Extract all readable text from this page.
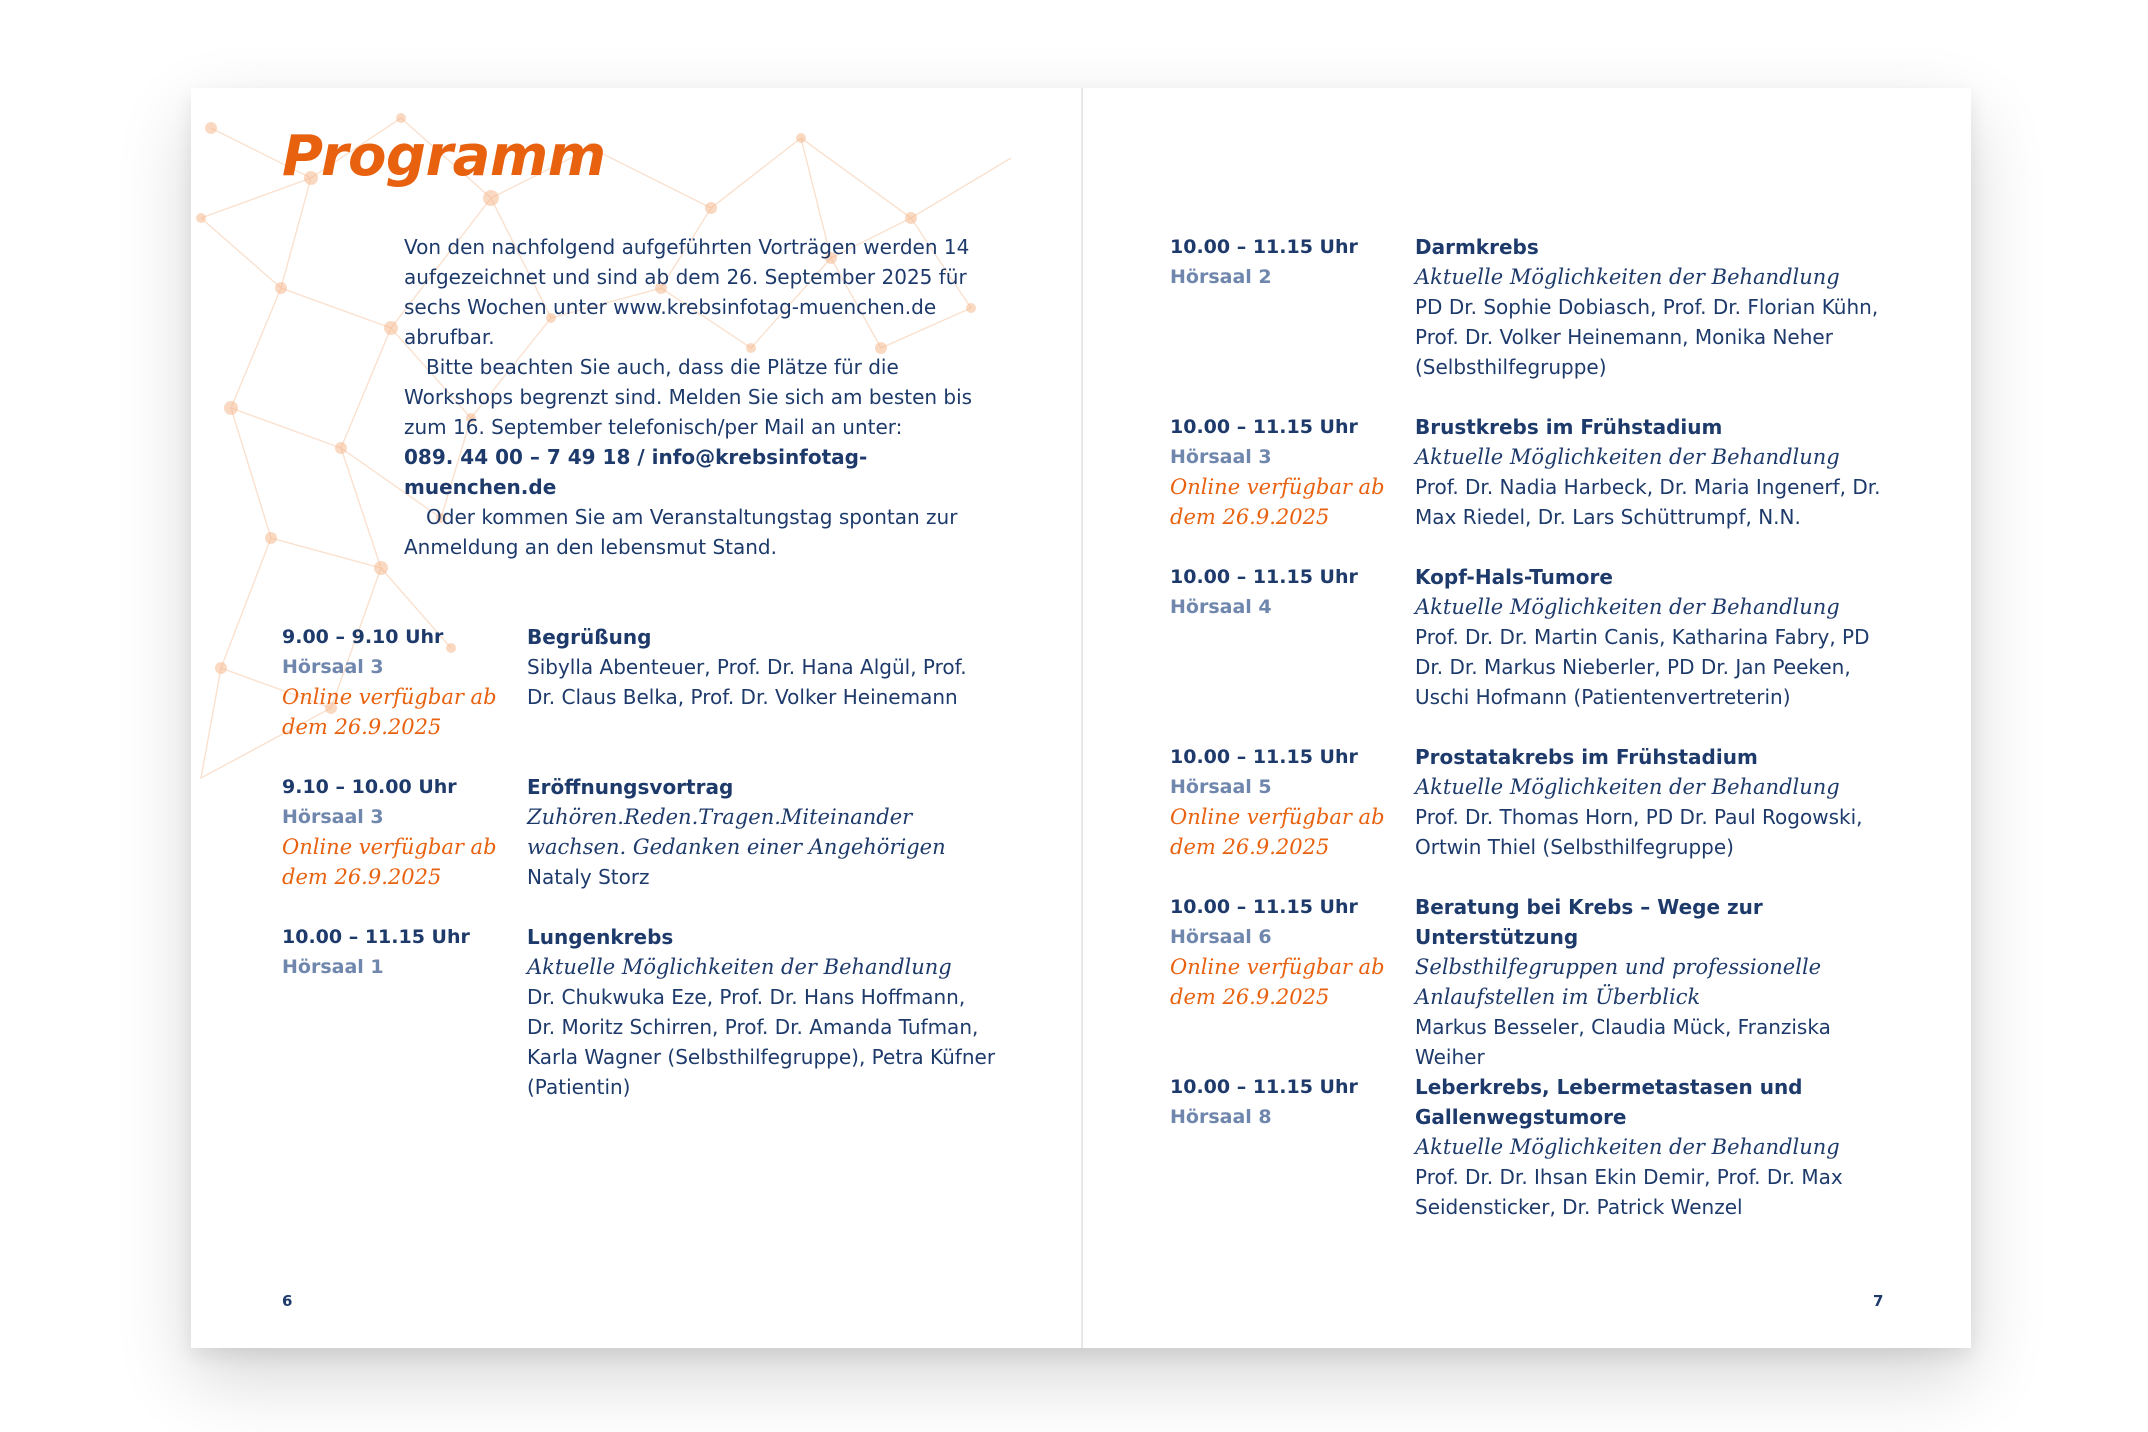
Programm

Von den nachfolgend aufgeführten Vorträgen werden 14 aufgezeichnet und sind ab dem 26. September 2025 für sechs Wochen unter www.krebsinfotag-muenchen.de abrufbar.

Bitte beachten Sie auch, dass die Plätze für die Workshops begrenzt sind. Melden Sie sich am besten bis zum 16. September telefonisch/per Mail an unter:

089. 44 00 – 7 49 18 / info@krebsinfotag-muenchen.de

Oder kommen Sie am Veranstaltungstag spontan zur Anmeldung an den lebensmut Stand.

9.00 – 9.10 Uhr
Hörsaal 3
Online verfügbar ab dem 26.9.2025
Begrüßung
Sibylla Abenteuer, Prof. Dr. Hana Algül, Prof. Dr. Claus Belka, Prof. Dr. Volker Heinemann
9.10 – 10.00 Uhr
Hörsaal 3
Online verfügbar ab dem 26.9.2025
Eröffnungsvortrag
Zuhören.Reden.Tragen.Miteinander wachsen. Gedanken einer Angehörigen
Nataly Storz
10.00 – 11.15 Uhr
Hörsaal 1
Lungenkrebs
Aktuelle Möglichkeiten der Behandlung
Dr. Chukwuka Eze, Prof. Dr. Hans Hoffmann, Dr. Moritz Schirren, Prof. Dr. Amanda Tufman, Karla Wagner (Selbsthilfegruppe), Petra Küfner (Patientin)
10.00 – 11.15 Uhr
Hörsaal 2
Darmkrebs
Aktuelle Möglichkeiten der Behandlung
PD Dr. Sophie Dobiasch, Prof. Dr. Florian Kühn, Prof. Dr. Volker Heinemann, Monika Neher (Selbsthilfegruppe)
10.00 – 11.15 Uhr
Hörsaal 3
Online verfügbar ab dem 26.9.2025
Brustkrebs im Frühstadium
Aktuelle Möglichkeiten der Behandlung
Prof. Dr. Nadia Harbeck, Dr. Maria Ingenerf, Dr. Max Riedel, Dr. Lars Schüttrumpf, N.N.
10.00 – 11.15 Uhr
Hörsaal 4
Kopf-Hals-Tumore
Aktuelle Möglichkeiten der Behandlung
Prof. Dr. Dr. Martin Canis, Katharina Fabry, PD Dr. Dr. Markus Nieberler, PD Dr. Jan Peeken, Uschi Hofmann (Patientenvertreterin)
10.00 – 11.15 Uhr
Hörsaal 5
Online verfügbar ab dem 26.9.2025
Prostatakrebs im Frühstadium
Aktuelle Möglichkeiten der Behandlung
Prof. Dr. Thomas Horn, PD Dr. Paul Rogowski, Ortwin Thiel (Selbsthilfegruppe)
10.00 – 11.15 Uhr
Hörsaal 6
Online verfügbar ab dem 26.9.2025
Beratung bei Krebs – Wege zur Unterstützung
Selbsthilfegruppen und professionelle Anlaufstellen im Überblick
Markus Besseler, Claudia Mück, Franziska Weiher
10.00 – 11.15 Uhr
Hörsaal 8
Leberkrebs, Lebermetastasen und Gallenwegstumore
Aktuelle Möglichkeiten der Behandlung
Prof. Dr. Dr. Ihsan Ekin Demir, Prof. Dr. Max Seidensticker, Dr. Patrick Wenzel
6	7
